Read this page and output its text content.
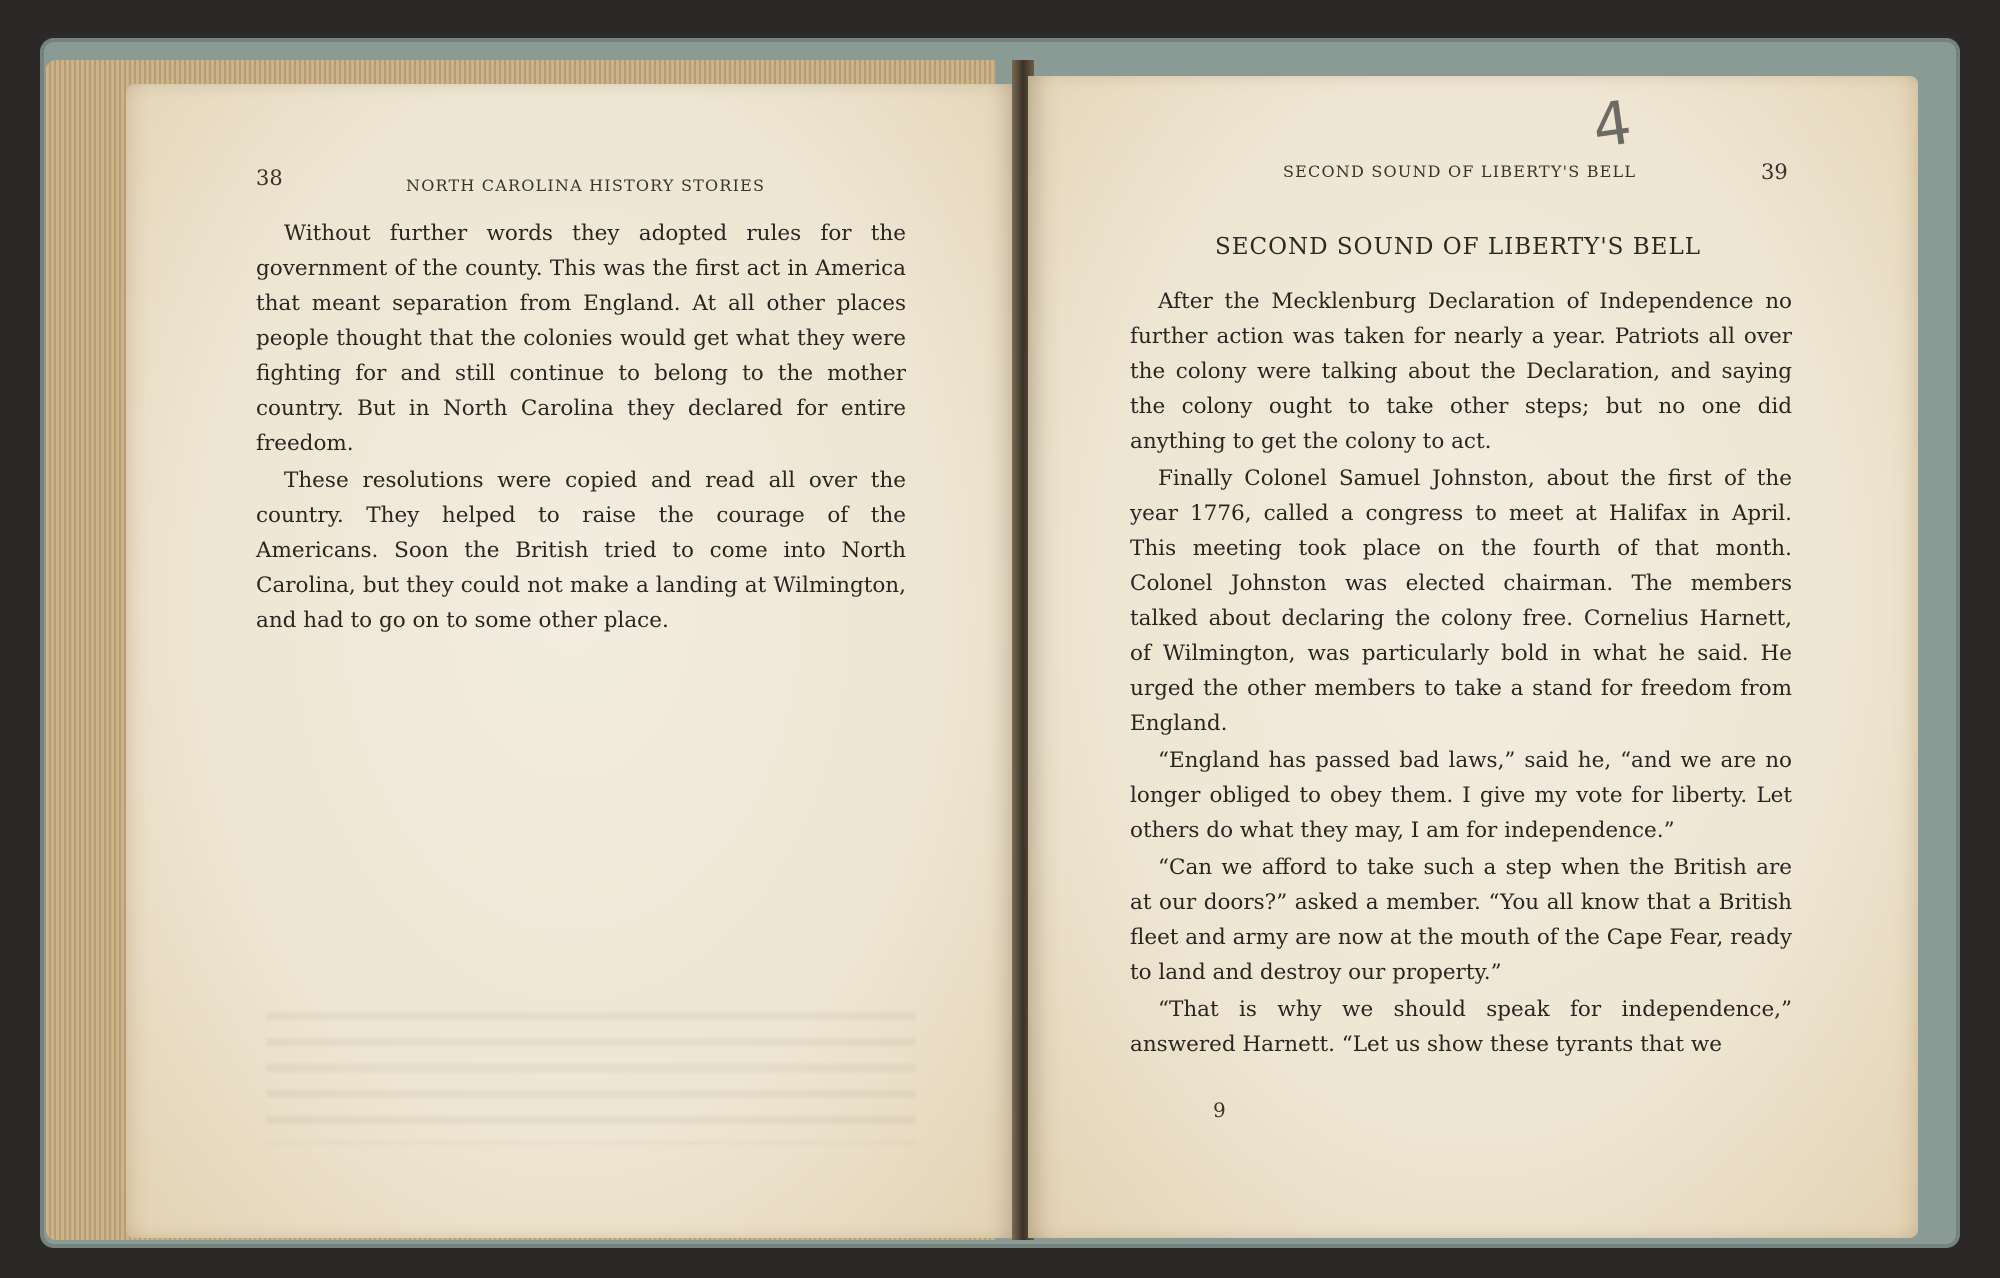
38	NORTH CAROLINA HISTORY STORIES

Without further words they adopted rules for the government of the county. This was the first act in America that meant separation from England. At all other places people thought that the colonies would get what they were fighting for and still continue to belong to the mother country. But in North Carolina they declared for entire freedom.

These resolutions were copied and read all over the country. They helped to raise the courage of the Americans. Soon the British tried to come into North Carolina, but they could not make a landing at Wilmington, and had to go on to some other place.

4
SECOND SOUND OF LIBERTY'S BELL	39
SECOND SOUND OF LIBERTY'S BELL

After the Mecklenburg Declaration of Independence no further action was taken for nearly a year. Patriots all over the colony were talking about the Declaration, and saying the colony ought to take other steps; but no one did anything to get the colony to act.

Finally Colonel Samuel Johnston, about the first of the year 1776, called a congress to meet at Halifax in April. This meeting took place on the fourth of that month. Colonel Johnston was elected chairman. The members talked about declaring the colony free. Cornelius Harnett, of Wilmington, was particularly bold in what he said. He urged the other members to take a stand for freedom from England.

“England has passed bad laws,” said he, “and we are no longer obliged to obey them. I give my vote for liberty. Let others do what they may, I am for independence.”

“Can we afford to take such a step when the British are at our doors?” asked a member. “You all know that a British fleet and army are now at the mouth of the Cape Fear, ready to land and destroy our property.”

“That is why we should speak for independence,” answered Harnett. “Let us show these tyrants that we

9
